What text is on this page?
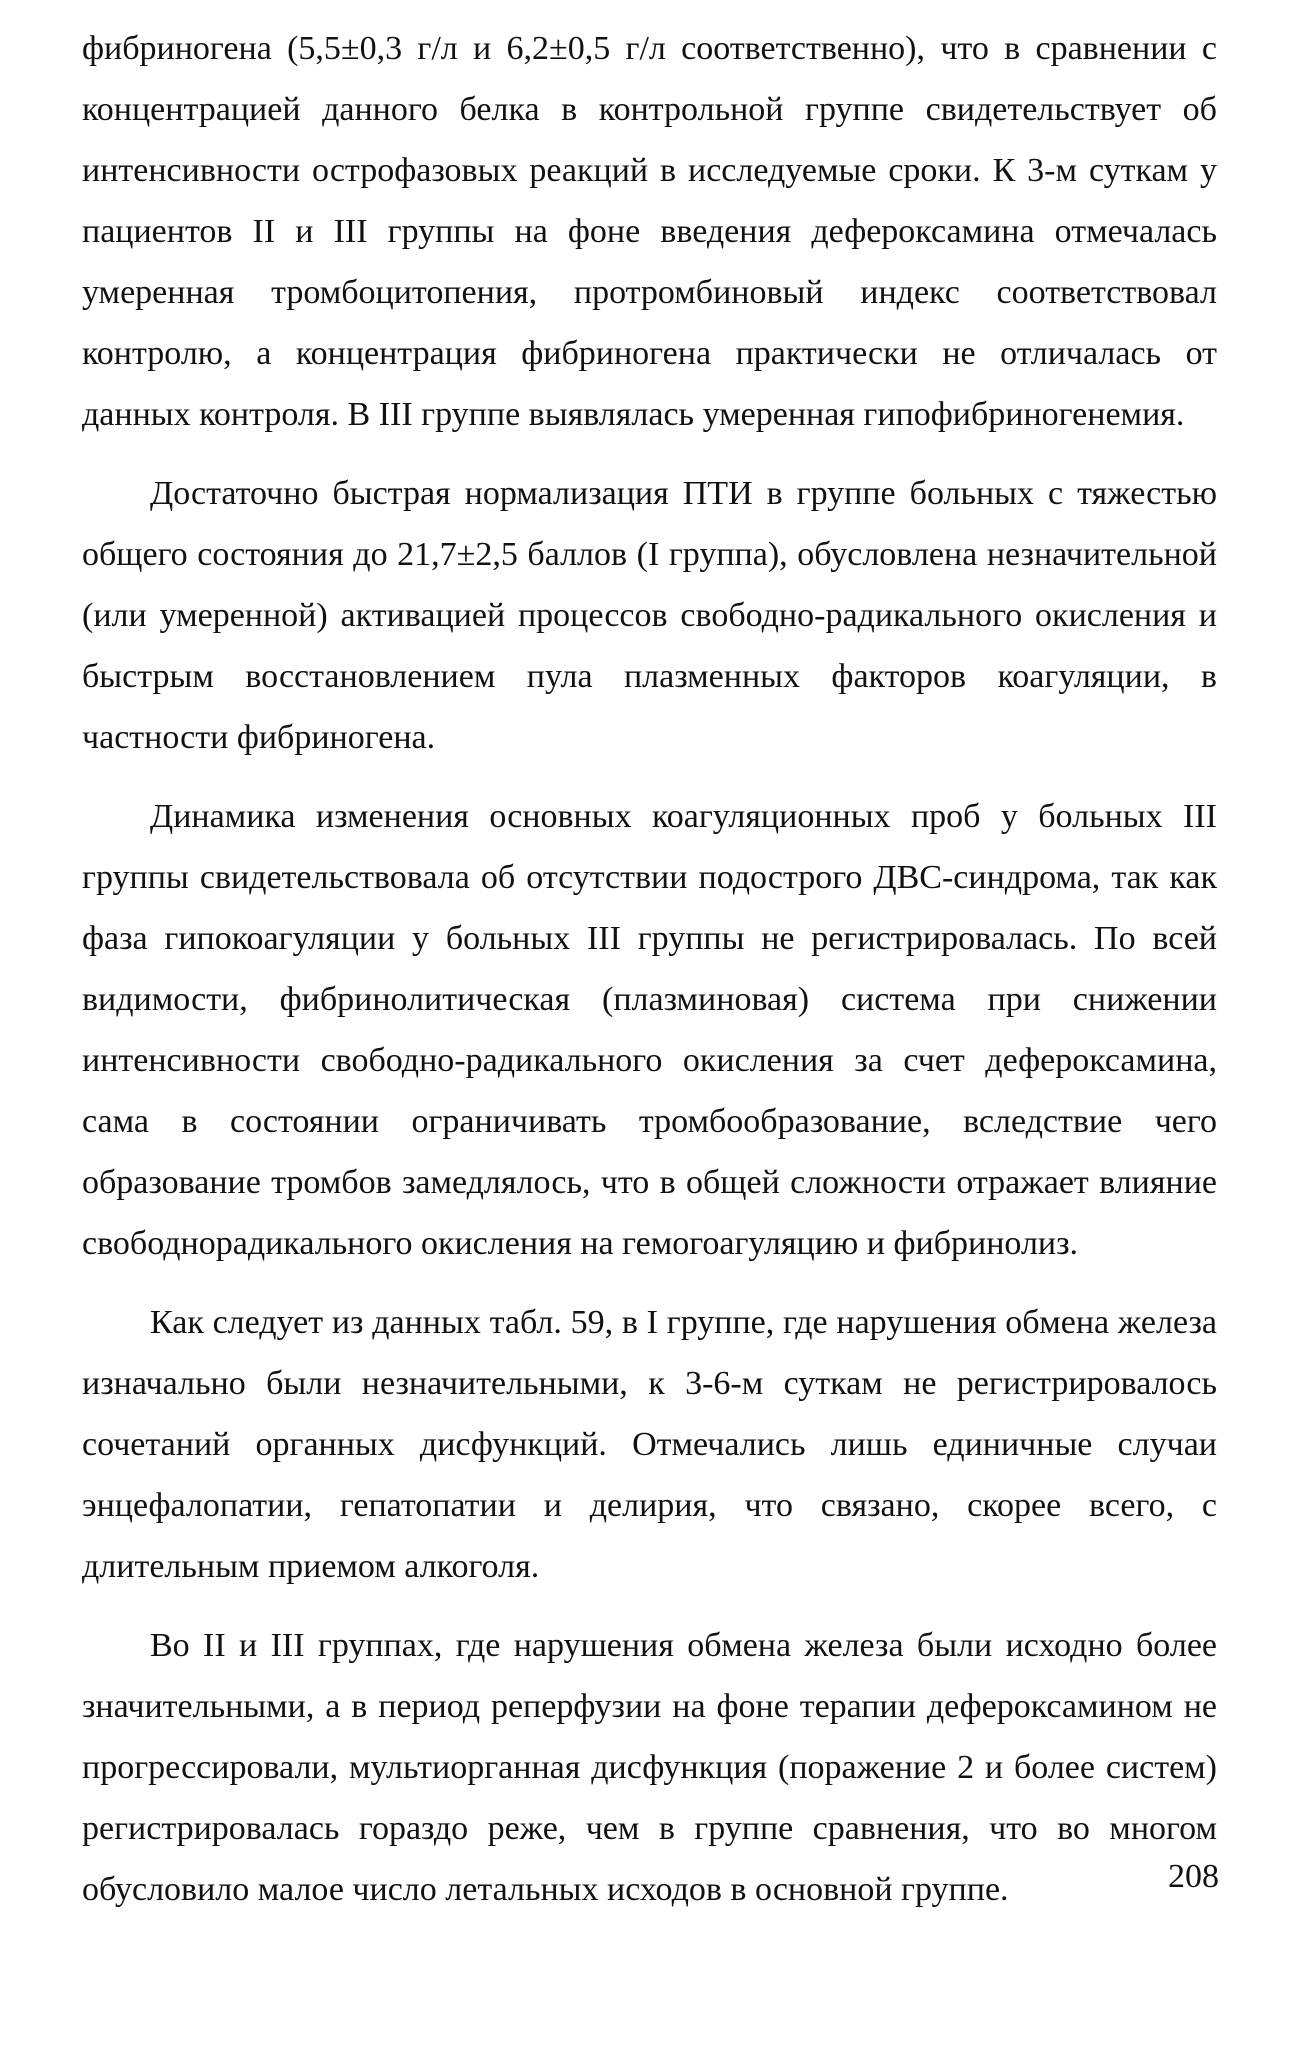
фибриногена (5,5±0,3 г/л и 6,2±0,5 г/л соответственно), что в сравнении с концентрацией данного белка в контрольной группе свидетельствует об интенсивности острофазовых реакций в исследуемые сроки. К 3-м суткам у пациентов II и III группы на фоне введения дефероксамина отмечалась умеренная тромбоцитопения, протромбиновый индекс соответствовал контролю, а концентрация фибриногена практически не отличалась от данных контроля. В III группе выявлялась умеренная гипофибриногенемия.

Достаточно быстрая нормализация ПТИ в группе больных с тяжестью общего состояния до 21,7±2,5 баллов (I группа), обусловлена незначительной (или умеренной) активацией процессов свободно-радикального окисления и быстрым восстановлением пула плазменных факторов коагуляции, в частности фибриногена.

Динамика изменения основных коагуляционных проб у больных III группы свидетельствовала об отсутствии подострого ДВС-синдрома, так как фаза гипокоагуляции у больных III группы не регистрировалась. По всей видимости, фибринолитическая (плазминовая) система при снижении интенсивности свободно-радикального окисления за счет дефероксамина, сама в состоянии ограничивать тромбообразование, вследствие чего образование тромбов замедлялось, что в общей сложности отражает влияние свободнорадикального окисления на гемогоагуляцию и фибринолиз.

Как следует из данных табл. 59, в I группе, где нарушения обмена железа изначально были незначительными, к 3-6-м суткам не регистрировалось сочетаний органных дисфункций. Отмечались лишь единичные случаи энцефалопатии, гепатопатии и делирия, что связано, скорее всего, с длительным приемом алкоголя.

Во II и III группах, где нарушения обмена железа были исходно более значительными, а в период реперфузии на фоне терапии дефероксамином не прогрессировали, мультиорганная дисфункция (поражение 2 и более систем) регистрировалась гораздо реже, чем в группе сравнения, что во многом обусловило малое число летальных исходов в основной группе.	208
